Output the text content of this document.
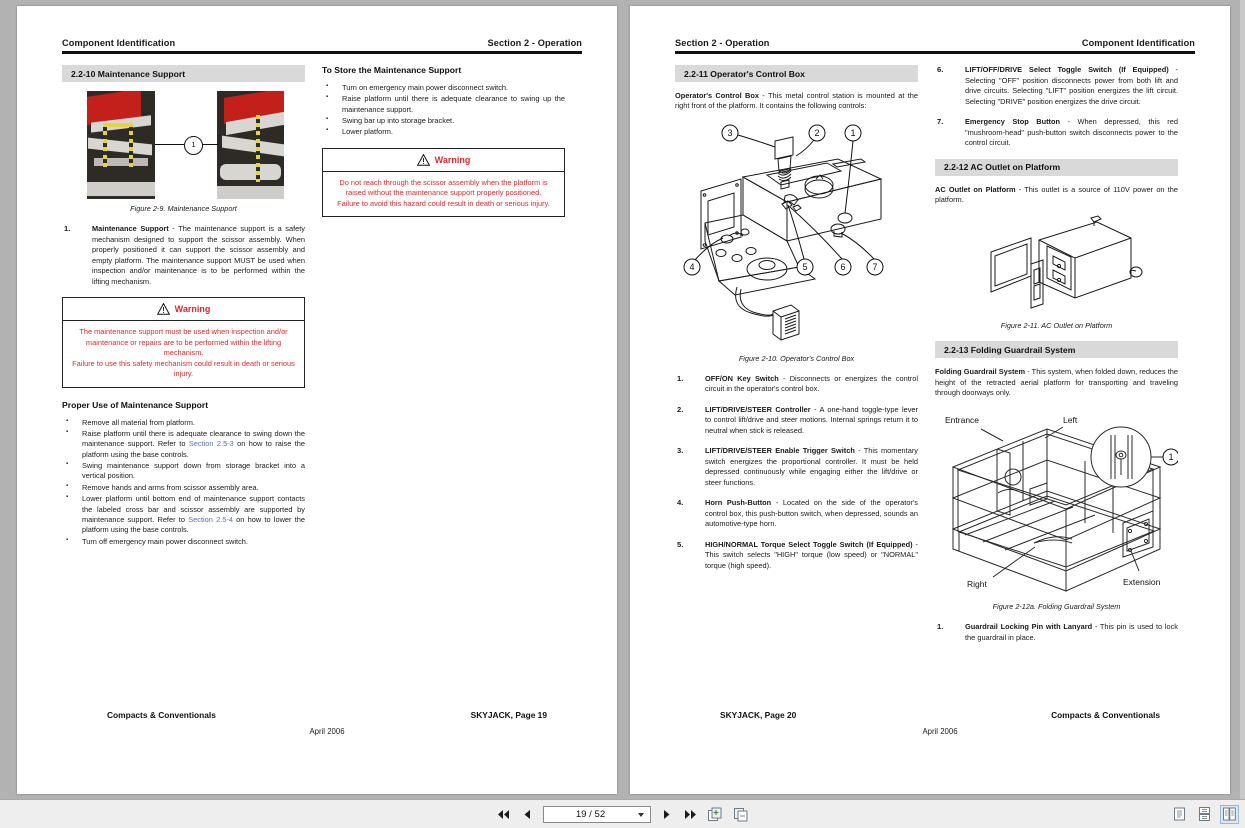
Component Identification	Section 2 - Operation
2.2-10 Maintenance Support
1
Figure 2-9. Maintenance Support
1.	Maintenance Support - The maintenance support is a safety mechanism designed to support the scissor assembly. When properly positioned it can support the scissor assembly and empty platform. The maintenance support MUST be used when inspection and/or maintenance is to be performed within the lifting mechanism.
Warning
The maintenance support must be used when inspection and/or maintenance or repairs are to be performed within the lifting mechanism.
Failure to use this safety mechanism could result in death or serious injury.
Proper Use of Maintenance Support
▪ Remove all material from platform.
▪ Raise platform until there is adequate clearance to swing down the maintenance support. Refer to Section 2.5-3 on how to raise the platform using the base controls.
▪ Swing maintenance support down from storage bracket into a vertical position.
▪ Remove hands and arms from scissor assembly area.
▪ Lower platform until bottom end of maintenance support contacts the labeled cross bar and scissor assembly are supported by maintenance support. Refer to Section 2.5-4 on how to lower the platform using the base controls.
▪ Turn off emergency main power disconnect switch.
To Store the Maintenance Support
▪ Turn on emergency main power disconnect switch.
▪ Raise platform until there is adequate clearance to swing up the maintenance support.
▪ Swing bar up into storage bracket.
▪ Lower platform.
Warning
Do not reach through the scissor assembly when the platform is raised without the maintenance support properly positioned.
Failure to avoid this hazard could result in death or serious injury.
Compacts & Conventionals	SKYJACK, Page 19
April 2006
Section 2 - Operation	Component Identification
2.2-11 Operator's Control Box

Operator's Control Box - This metal control station is mounted at the right front of the platform. It contains the following controls:

4	5	6	7
3	2	1
Figure 2-10. Operator's Control Box
1.	OFF/ON Key Switch - Disconnects or energizes the control circuit in the operator's control box.
2.	LIFT/DRIVE/STEER Controller - A one-hand toggle-type lever to control lift/drive and steer motions. Internal springs return it to neutral when stick is released.
3.	LIFT/DRIVE/STEER Enable Trigger Switch - This momentary switch energizes the proportional controller. It must be held depressed continuously while engaging either the lift/drive or steer functions.
4.	Horn Push-Button - Located on the side of the operator's control box, this push-button switch, when depressed, sounds an automotive-type horn.
5.	HIGH/NORMAL Torque Select Toggle Switch (If Equipped) - This switch selects "HIGH" torque (low speed) or "NORMAL" torque (high speed).
6.	LIFT/OFF/DRIVE Select Toggle Switch (If Equipped) - Selecting "OFF" position disconnects power from both lift and drive circuits. Selecting "LIFT" position energizes the lift circuit. Selecting "DRIVE" position energizes the drive circuit.
7.	Emergency Stop Button - When depressed, this red "mushroom-head" push-button switch disconnects power to the control circuit.
2.2-12 AC Outlet on Platform

AC Outlet on Platform - This outlet is a source of 110V power on the platform.

Figure 2-11. AC Outlet on Platform
2.2-13 Folding Guardrail System

Folding Guardrail System - This system, when folded down, reduces the height of the retracted aerial platform for transporting and traveling through doorways only.

1
Entrance	Left
Right	Extension
Figure 2-12a. Folding Guardrail System
1.	Guardrail Locking Pin with Lanyard - This pin is used to lock the guardrail in place.
SKYJACK, Page 20	Compacts & Conventionals
April 2006
19 / 52
